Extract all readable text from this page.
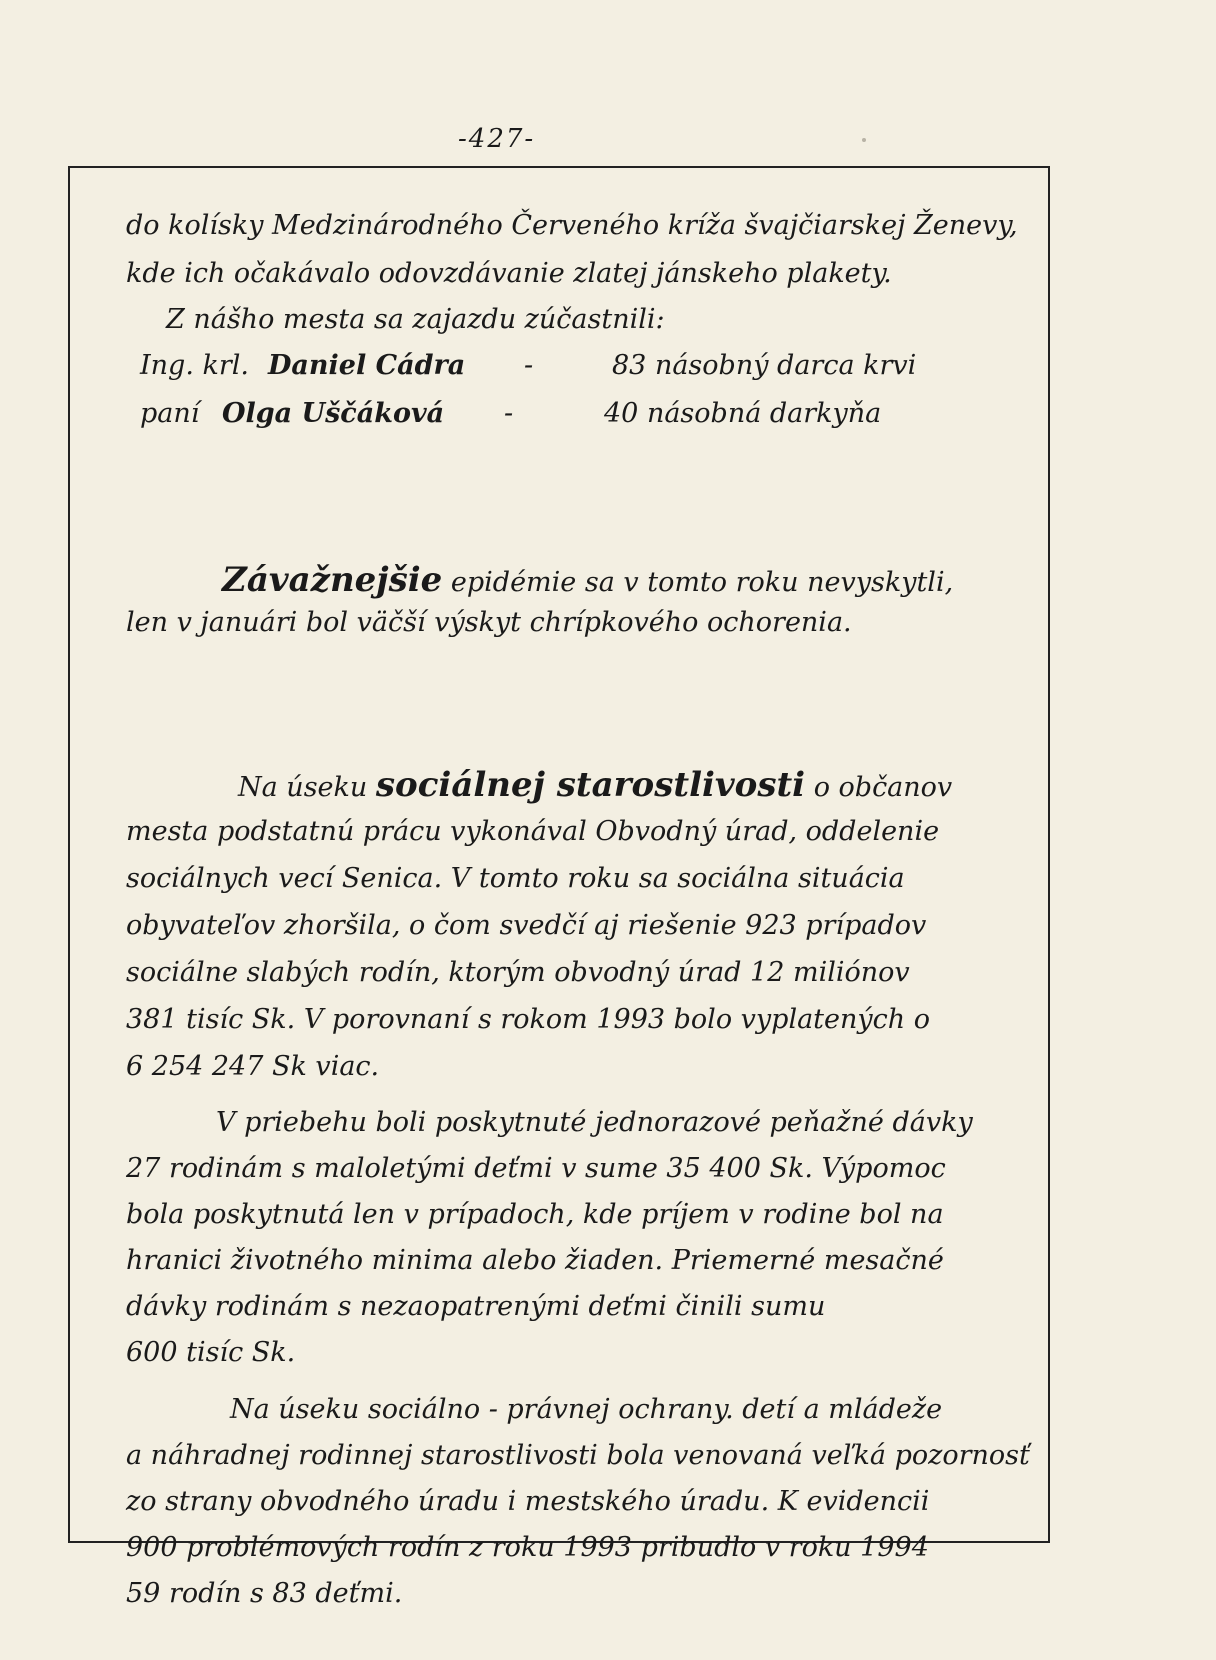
-427-
do kolísky Medzinárodného Červeného kríža švajčiarskej Ženevy,
kde ich očakávalo odovzdávanie zlatej jánskeho plakety.
Z nášho mesta sa zajazdu zúčastnili:
Ing. krl. Daniel Cádra -	83 násobný darca krvi
paní Olga Uščáková -	40 násobná darkyňa
Závažnejšie epidémie sa v tomto roku nevyskytli,
len v januári bol väčší výskyt chrípkového ochorenia.
Na úseku sociálnej starostlivosti o občanov
mesta podstatnú prácu vykonával Obvodný úrad, oddelenie
sociálnych vecí Senica. V tomto roku sa sociálna situácia
obyvateľov zhoršila, o čom svedčí aj riešenie 923 prípadov
sociálne slabých rodín, ktorým obvodný úrad 12 miliónov
381 tisíc Sk. V porovnaní s rokom 1993 bolo vyplatených o
6 254 247 Sk viac.
V priebehu boli poskytnuté jednorazové peňažné dávky
27 rodinám s maloletými deťmi v sume 35 400 Sk. Výpomoc
bola poskytnutá len v prípadoch, kde príjem v rodine bol na
hranici životného minima alebo žiaden. Priemerné mesačné
dávky rodinám s nezaopatrenými deťmi činili sumu
600 tisíc Sk.
Na úseku sociálno - právnej ochrany. detí a mládeže
a náhradnej rodinnej starostlivosti bola venovaná veľká pozornosť
zo strany obvodného úradu i mestského úradu. K evidencii
900 problémových rodín z roku 1993 pribudlo v roku 1994
59 rodín s 83 deťmi.
